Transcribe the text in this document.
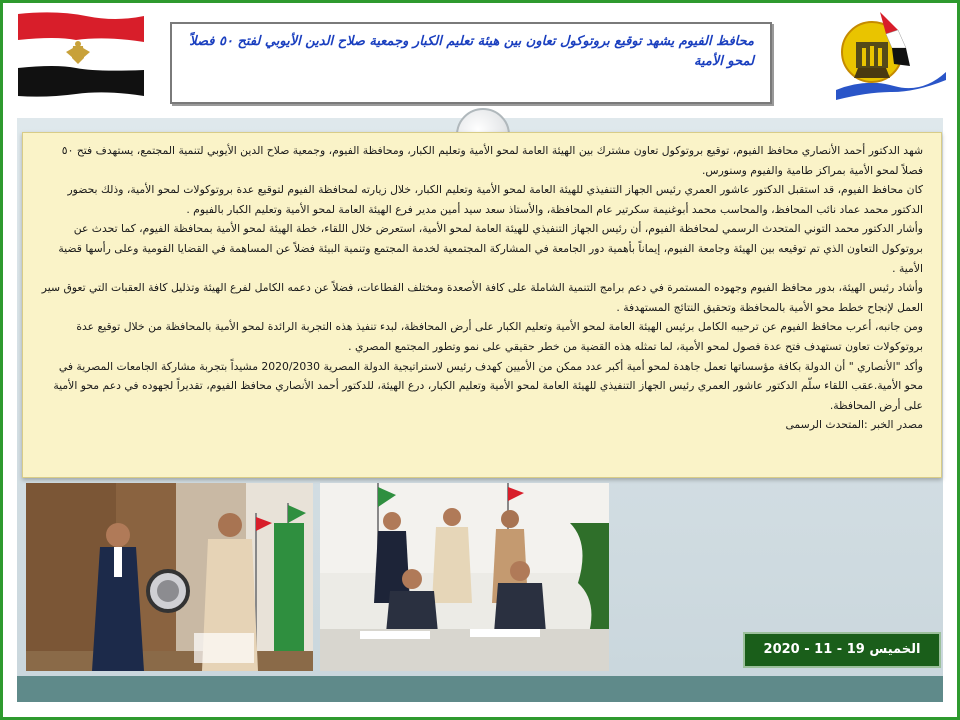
محافظ الفيوم يشهد توقيع بروتوكول تعاون بين هيئة تعليم الكبار وجمعية صلاح الدين الأيوبي لفتح ٥٠ فصلاً لمحو الأمية

شهد الدكتور أحمد الأنصاري محافظ الفيوم، توقيع بروتوكول تعاون مشترك بين الهيئة العامة لمحو الأمية وتعليم الكبار، ومحافظة الفيوم، وجمعية صلاح الدين الأيوبي لتنمية المجتمع، يستهدف فتح ٥٠ فصلاً لمحو الأمية بمراكز طامية والفيوم وسنورس.

كان محافظ الفيوم، قد استقبل الدكتور عاشور العمري رئيس الجهاز التنفيذي للهيئة العامة لمحو الأمية وتعليم الكبار، خلال زيارته لمحافظة الفيوم لتوقيع عدة بروتوكولات لمحو الأمية، وذلك بحضور الدكتور محمد عماد نائب المحافظ، والمحاسب محمد أبوغنيمة سكرتير عام المحافظة، والأستاذ سعد سيد أمين مدير فرع الهيئة العامة لمحو الأمية وتعليم الكبار بالفيوم .

وأشار الدكتور محمد التوني المتحدث الرسمي لمحافظة الفيوم، أن رئيس الجهاز التنفيذي للهيئة العامة لمحو الأمية، استعرض خلال اللقاء، خطة الهيئة لمحو الأمية بمحافظة الفيوم، كما تحدث عن بروتوكول التعاون الذي تم توقيعه بين الهيئة وجامعة الفيوم، إيماناً بأهمية دور الجامعة في المشاركة المجتمعية لخدمة المجتمع وتنمية البيئة فضلاً عن المساهمة في القضايا القومية وعلى رأسها قضية الأمية .

وأشاد رئيس الهيئة، بدور محافظ الفيوم وجهوده المستمرة في دعم برامج التنمية الشاملة على كافة الأصعدة ومختلف القطاعات، فضلاً عن دعمه الكامل لفرع الهيئة وتذليل كافة العقبات التي تعوق سير العمل لإنجاح خطط محو الأمية بالمحافظة وتحقيق النتائج المستهدفة .

ومن جانبه، أعرب محافظ الفيوم عن ترحيبه الكامل برئيس الهيئة العامة لمحو الأمية وتعليم الكبار على أرض المحافظة، لبدء تنفيذ هذه التجربة الرائدة لمحو الأمية بالمحافظة من خلال توقيع عدة بروتوكولات تعاون تستهدف فتح عدة فصول لمحو الأمية، لما تمثله هذه القضية من خطر حقيقي على نمو وتطور المجتمع المصري .

وأكد "الأنصاري " أن الدولة بكافة مؤسساتها تعمل جاهدة لمحو أمية أكبر عدد ممكن من الأميين كهدف رئيس لاستراتيجية الدولة المصرية 2020/2030 مشيداً بتجربة مشاركة الجامعات المصرية في محو الأمية.عقب اللقاء سلّم الدكتور عاشور العمري رئيس الجهاز التنفيذي للهيئة العامة لمحو الأمية وتعليم الكبار، درع الهيئة، للدكتور أحمد الأنصاري محافظ الفيوم، تقديراً لجهوده في دعم محو الأمية على أرض المحافظة.

مصدر الخبر :المتحدث الرسمى

الخميس 19 - 11 - 2020
